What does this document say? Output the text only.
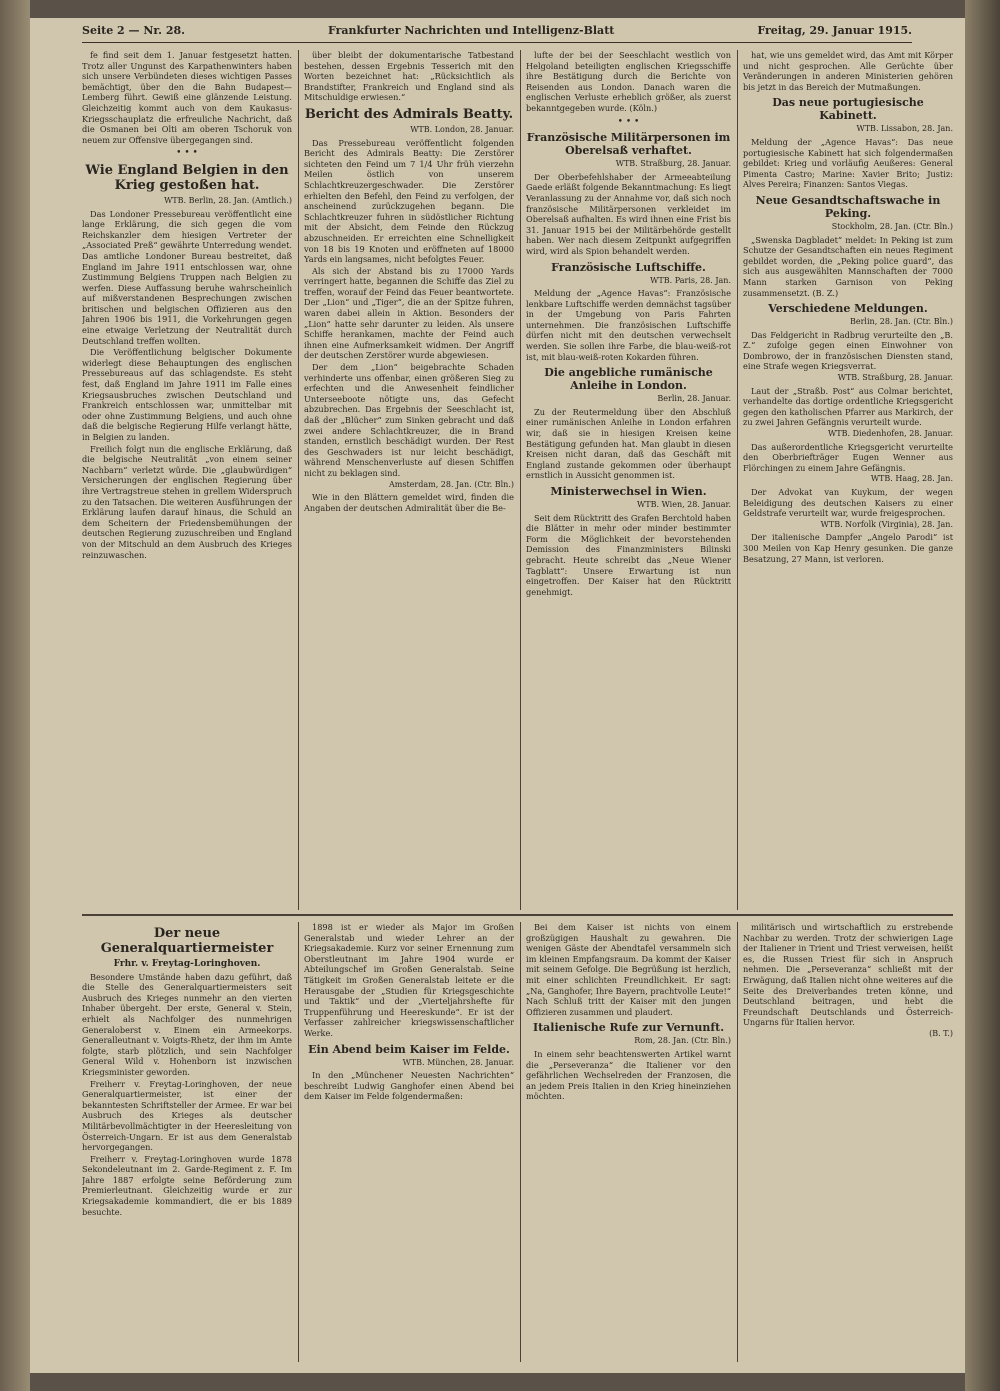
Seite 2 — Nr. 28.	Frankfurter Nachrichten und Intelligenz-Blatt	Freitag, 29. Januar 1915.

fe find seit dem 1. Januar festgesetzt hatten. Trotz aller Ungunst des Karpathenwinters haben sich unsere Verbündeten dieses wichtigen Passes bemächtigt, über den die Bahn Budapest—Lemberg führt. Gewiß eine glänzende Leistung. Gleichzeitig kommt auch von dem Kaukasus-Kriegsschauplatz die erfreuliche Nachricht, daß die Osmanen bei Olti am oberen Tschoruk von neuem zur Offensive übergegangen sind.

• • •
Wie England Belgien in den Krieg gestoßen hat.
WTB. Berlin, 28. Jan. (Amtlich.)

Das Londoner Pressebureau veröffentlicht eine lange Erklärung, die sich gegen die vom Reichskanzler dem hiesigen Vertreter der „Associated Preß“ gewährte Unterredung wendet. Das amtliche Londoner Bureau bestreitet, daß England im Jahre 1911 entschlossen war, ohne Zustimmung Belgiens Truppen nach Belgien zu werfen. Diese Auffassung beruhe wahrscheinlich auf mißverstandenen Besprechungen zwischen britischen und belgischen Offizieren aus den Jahren 1906 bis 1911, die Vorkehrungen gegen eine etwaige Verletzung der Neutralität durch Deutschland treffen wollten.

Die Veröffentlichung belgischer Dokumente widerlegt diese Behauptungen des englischen Pressebureaus auf das schlagendste. Es steht fest, daß England im Jahre 1911 im Falle eines Kriegsausbruches zwischen Deutschland und Frankreich entschlossen war, unmittelbar mit oder ohne Zustimmung Belgiens, und auch ohne daß die belgische Regierung Hilfe verlangt hätte, in Belgien zu landen.

Freilich folgt nun die englische Erklärung, daß die belgische Neutralität „von einem seiner Nachbarn“ verletzt würde. Die „glaubwürdigen“ Versicherungen der englischen Regierung über ihre Vertragstreue stehen in grellem Widerspruch zu den Tatsachen. Die weiteren Ausführungen der Erklärung laufen darauf hinaus, die Schuld an dem Scheitern der Friedensbemühungen der deutschen Regierung zuzuschreiben und England von der Mitschuld an dem Ausbruch des Krieges reinzuwaschen.

über bleibt der dokumentarische Tatbestand bestehen, dessen Ergebnis Tesserich mit den Worten bezeichnet hat: „Rücksichtlich als Brandstifter, Frankreich und England sind als Mitschuldige erwiesen.“

Bericht des Admirals Beatty.
WTB. London, 28. Januar.

Das Pressebureau veröffentlicht folgenden Bericht des Admirals Beatty: Die Zerstörer sichteten den Feind um 7 1/4 Uhr früh vierzehn Meilen östlich von unserem Schlachtkreuzergeschwader. Die Zerstörer erhielten den Befehl, den Feind zu verfolgen, der anscheinend zurückzugehen begann. Die Schlachtkreuzer fuhren in südöstlicher Richtung mit der Absicht, dem Feinde den Rückzug abzuschneiden. Er erreichten eine Schnelligkeit von 18 bis 19 Knoten und eröffneten auf 18000 Yards ein langsames, nicht befolgtes Feuer.

Als sich der Abstand bis zu 17000 Yards verringert hatte, begannen die Schiffe das Ziel zu treffen, worauf der Feind das Feuer beantwortete. Der „Lion“ und „Tiger“, die an der Spitze fuhren, waren dabei allein in Aktion. Besonders der „Lion“ hatte sehr darunter zu leiden. Als unsere Schiffe herankamen, machte der Feind auch ihnen eine Aufmerksamkeit widmen. Der Angriff der deutschen Zerstörer wurde abgewiesen.

Der dem „Lion“ beigebrachte Schaden verhinderte uns offenbar, einen größeren Sieg zu erfechten und die Anwesenheit feindlicher Unterseeboote nötigte uns, das Gefecht abzubrechen. Das Ergebnis der Seeschlacht ist, daß der „Blücher“ zum Sinken gebracht und daß zwei andere Schlachtkreuzer, die in Brand standen, ernstlich beschädigt wurden. Der Rest des Geschwaders ist nur leicht beschädigt, während Menschenverluste auf diesen Schiffen nicht zu beklagen sind.

Amsterdam, 28. Jan. (Ctr. Bln.)

Wie in den Blättern gemeldet wird, finden die Angaben der deutschen Admiralität über die Be-

lufte der bei der Seeschlacht westlich von Helgoland beteiligten englischen Kriegsschiffe ihre Bestätigung durch die Berichte von Reisenden aus London. Danach waren die englischen Verluste erheblich größer, als zuerst bekanntgegeben wurde. (Köln.)

• • •
Französische Militärpersonen im Oberelsaß verhaftet.
WTB. Straßburg, 28. Januar.

Der Oberbefehlshaber der Armeeabteilung Gaede erläßt folgende Bekanntmachung: Es liegt Veranlassung zu der Annahme vor, daß sich noch französische Militärpersonen verkleidet im Oberelsaß aufhalten. Es wird ihnen eine Frist bis 31. Januar 1915 bei der Militärbehörde gestellt haben. Wer nach diesem Zeitpunkt aufgegriffen wird, wird als Spion behandelt werden.

Französische Luftschiffe.
WTB. Paris, 28. Jan.

Meldung der „Agence Havas“: Französische lenkbare Luftschiffe werden demnächst tagsüber in der Umgebung von Paris Fahrten unternehmen. Die französischen Luftschiffe dürfen nicht mit den deutschen verwechselt werden. Sie sollen ihre Farbe, die blau-weiß-rot ist, mit blau-weiß-roten Kokarden führen.

Die angebliche rumänische Anleihe in London.
Berlin, 28. Januar.

Zu der Reutermeldung über den Abschluß einer rumänischen Anleihe in London erfahren wir, daß sie in hiesigen Kreisen keine Bestätigung gefunden hat. Man glaubt in diesen Kreisen nicht daran, daß das Geschäft mit England zustande gekommen oder überhaupt ernstlich in Aussicht genommen ist.

Ministerwechsel in Wien.
WTB. Wien, 28. Januar.

Seit dem Rücktritt des Grafen Berchtold haben die Blätter in mehr oder minder bestimmter Form die Möglichkeit der bevorstehenden Demission des Finanzministers Bilinski gebracht. Heute schreibt das „Neue Wiener Tagblatt“: Unsere Erwartung ist nun eingetroffen. Der Kaiser hat den Rücktritt genehmigt.

hat, wie uns gemeldet wird, das Amt mit Körper und nicht gesprochen. Alle Gerüchte über Veränderungen in anderen Ministerien gehören bis jetzt in das Bereich der Mutmaßungen.

Das neue portugiesische Kabinett.
WTB. Lissabon, 28. Jan.

Meldung der „Agence Havas“: Das neue portugiesische Kabinett hat sich folgendermaßen gebildet: Krieg und vorläufig Aeußeres: General Pimenta Castro; Marine: Xavier Brito; Justiz: Alves Pereira; Finanzen: Santos Viegas.

Neue Gesandtschaftswache in Peking.
Stockholm, 28. Jan. (Ctr. Bln.)

„Swenska Dagbladet“ meldet: In Peking ist zum Schutze der Gesandtschaften ein neues Regiment gebildet worden, die „Peking police guard“, das sich aus ausgewählten Mannschaften der 7000 Mann starken Garnison von Peking zusammensetzt. (B. Z.)

Verschiedene Meldungen.
Berlin, 28. Jan. (Ctr. Bln.)

Das Feldgericht in Radbrug verurteilte den „B. Z.“ zufolge gegen einen Einwohner von Dombrowo, der in französischen Diensten stand, eine Strafe wegen Kriegsverrat.

WTB. Straßburg, 28. Januar.

Laut der „Straßb. Post“ aus Colmar berichtet, verhandelte das dortige ordentliche Kriegsgericht gegen den katholischen Pfarrer aus Markirch, der zu zwei Jahren Gefängnis verurteilt wurde.

WTB. Diedenhofen, 28. Januar.

Das außerordentliche Kriegsgericht verurteilte den Oberbriefträger Eugen Wenner aus Flörchingen zu einem Jahre Gefängnis.

WTB. Haag, 28. Jan.

Der Advokat van Kuykum, der wegen Beleidigung des deutschen Kaisers zu einer Geldstrafe verurteilt war, wurde freigesprochen.

WTB. Norfolk (Virginia), 28. Jan.

Der italienische Dampfer „Angelo Parodi“ ist 300 Meilen von Kap Henry gesunken. Die ganze Besatzung, 27 Mann, ist verloren.

Der neue Generalquartiermeister
Frhr. v. Freytag-Loringhoven.

Besondere Umstände haben dazu geführt, daß die Stelle des Generalquartiermeisters seit Ausbruch des Krieges nunmehr an den vierten Inhaber übergeht. Der erste, General v. Stein, erhielt als Nachfolger des nunmehrigen Generaloberst v. Einem ein Armeekorps. Generalleutnant v. Voigts-Rhetz, der ihm im Amte folgte, starb plötzlich, und sein Nachfolger General Wild v. Hohenborn ist inzwischen Kriegsminister geworden.

Freiherr v. Freytag-Loringhoven, der neue Generalquartiermeister, ist einer der bekanntesten Schriftsteller der Armee. Er war bei Ausbruch des Krieges als deutscher Militärbevollmächtigter in der Heeresleitung von Österreich-Ungarn. Er ist aus dem Generalstab hervorgegangen.

Freiherr v. Freytag-Loringhoven wurde 1878 Sekondeleutnant im 2. Garde-Regiment z. F. Im Jahre 1887 erfolgte seine Beförderung zum Premierleutnant. Gleichzeitig wurde er zur Kriegsakademie kommandiert, die er bis 1889 besuchte.

1898 ist er wieder als Major im Großen Generalstab und wieder Lehrer an der Kriegsakademie. Kurz vor seiner Ernennung zum Oberstleutnant im Jahre 1904 wurde er Abteilungschef im Großen Generalstab. Seine Tätigkeit im Großen Generalstab leitete er die Herausgabe der „Studien für Kriegsgeschichte und Taktik“ und der „Vierteljahrshefte für Truppenführung und Heereskunde“. Er ist der Verfasser zahlreicher kriegswissenschaftlicher Werke.

Ein Abend beim Kaiser im Felde.
WTB. München, 28. Januar.

In den „Münchener Neuesten Nachrichten“ beschreibt Ludwig Ganghofer einen Abend bei dem Kaiser im Felde folgendermaßen:

Bei dem Kaiser ist nichts von einem großzügigen Haushalt zu gewahren. Die wenigen Gäste der Abendtafel versammeln sich im kleinen Empfangsraum. Da kommt der Kaiser mit seinem Gefolge. Die Begrüßung ist herzlich, mit einer schlichten Freundlichkeit. Er sagt: „Na, Ganghofer, Ihre Bayern, prachtvolle Leute!“ Nach Schluß tritt der Kaiser mit den jungen Offizieren zusammen und plaudert.

Italienische Rufe zur Vernunft.
Rom, 28. Jan. (Ctr. Bln.)

In einem sehr beachtenswerten Artikel warnt die „Perseveranza“ die Italiener vor den gefährlichen Wechselreden der Franzosen, die an jedem Preis Italien in den Krieg hineinziehen möchten.

militärisch und wirtschaftlich zu erstrebende Nachbar zu werden. Trotz der schwierigen Lage der Italiener in Trient und Triest verweisen, heißt es, die Russen Triest für sich in Anspruch nehmen. Die „Perseveranza“ schließt mit der Erwägung, daß Italien nicht ohne weiteres auf die Seite des Dreiverbandes treten könne, und Deutschland beitragen, und hebt die Freundschaft Deutschlands und Österreich-Ungarns für Italien hervor.

(B. T.)
